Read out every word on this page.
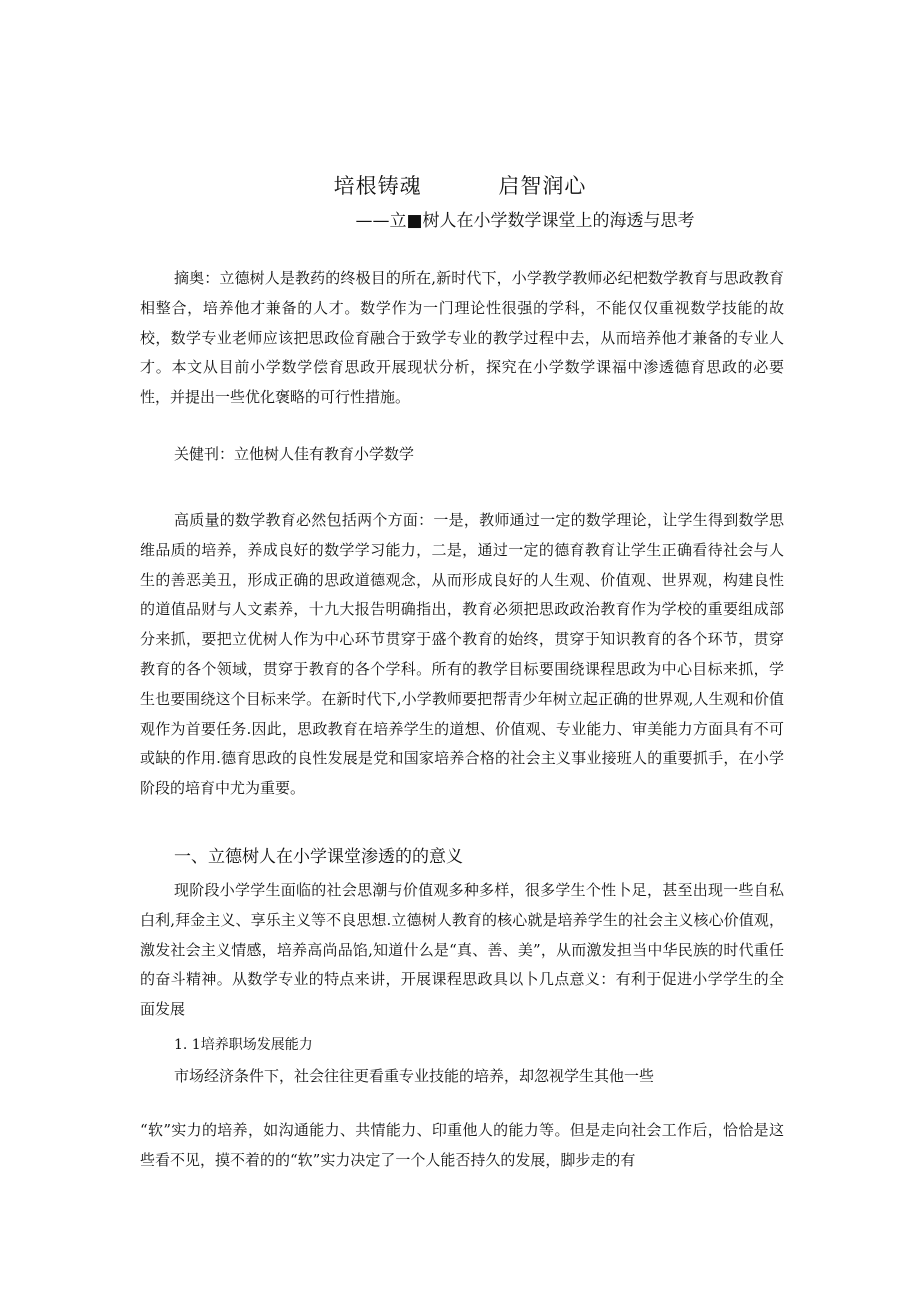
培根铸魂          启智润心
——立■树人在小学数学课堂上的海透与思考

摘奥：立德树人是教药的终极目的所在,新时代下，小学教学教师必纪杷数学教育与思政教育相整合，培养他才兼备的人才。数学作为一门理论性很强的学科，不能仅仅重视数学技能的故校，数学专业老师应该把思政俭育融合于致学专业的教学过程中去，从而培养他才兼备的专业人才。本文从目前小学数学偿育思政开展现状分析，探究在小学数学课福中渗透德育思政的必要性，并提出一些优化褒略的可行性措施。

关健刊：立他树人佳有教育小学数学

高质量的数学教育必然包括两个方面：一是，教师通过一定的数学理论，让学生得到数学思维品质的培养，养成良好的数学学习能力，二是，通过一定的德育教育让学生正确看待社会与人生的善恶美丑，形成正确的思政道德观念，从而形成良好的人生观、价值观、世界观，构建良性的道值品财与人文素养，十九大报告明确指出，教育必须把思政政治教育作为学校的重要组成部分来抓，要把立优树人作为中心环节贯穿于盛个教育的始终，贯穿于知识教育的各个环节，贯穿教育的各个领域，贯穿于教育的各个学科。所有的教学目标要围绕课程思政为中心目标来抓，学生也要围绕这个目标来学。在新时代下,小学教师要把帮青少年树立起正确的世界观,人生观和价值观作为首要任务.因此，思政教育在培养学生的道想、价值观、专业能力、审美能力方面具有不可或缺的作用.德育思政的良性发展是党和国家培养合格的社会主义事业接班人的重要抓手，在小学阶段的培育中尤为重要。

一、立德树人在小学课堂渗透的的意义

现阶段小学学生面临的社会思潮与价值观多种多样，很多学生个性卜足，甚至出现一些自私白利,拜金主义、享乐主义等不良思想.立德树人教育的核心就是培养学生的社会主义核心价值观，激发社会主义情感，培养高尚品馅,知道什么是“真、善、美”，从而激发担当中华民族的时代重任的奋斗精神。从数学专业的特点来讲，开展课程思政具以卜几点意义：有利于促进小学学生的全面发展

1. 1培养职场发展能力

市场经济条件下，社会往往更看重专业技能的培养，却忽视学生其他一些

“软”实力的培养，如沟通能力、共情能力、印重他人的能力等。但是走向社会工作后，恰恰是这些看不见，摸不着的的“软”实力决定了一个人能否持久的发展，脚步走的有
